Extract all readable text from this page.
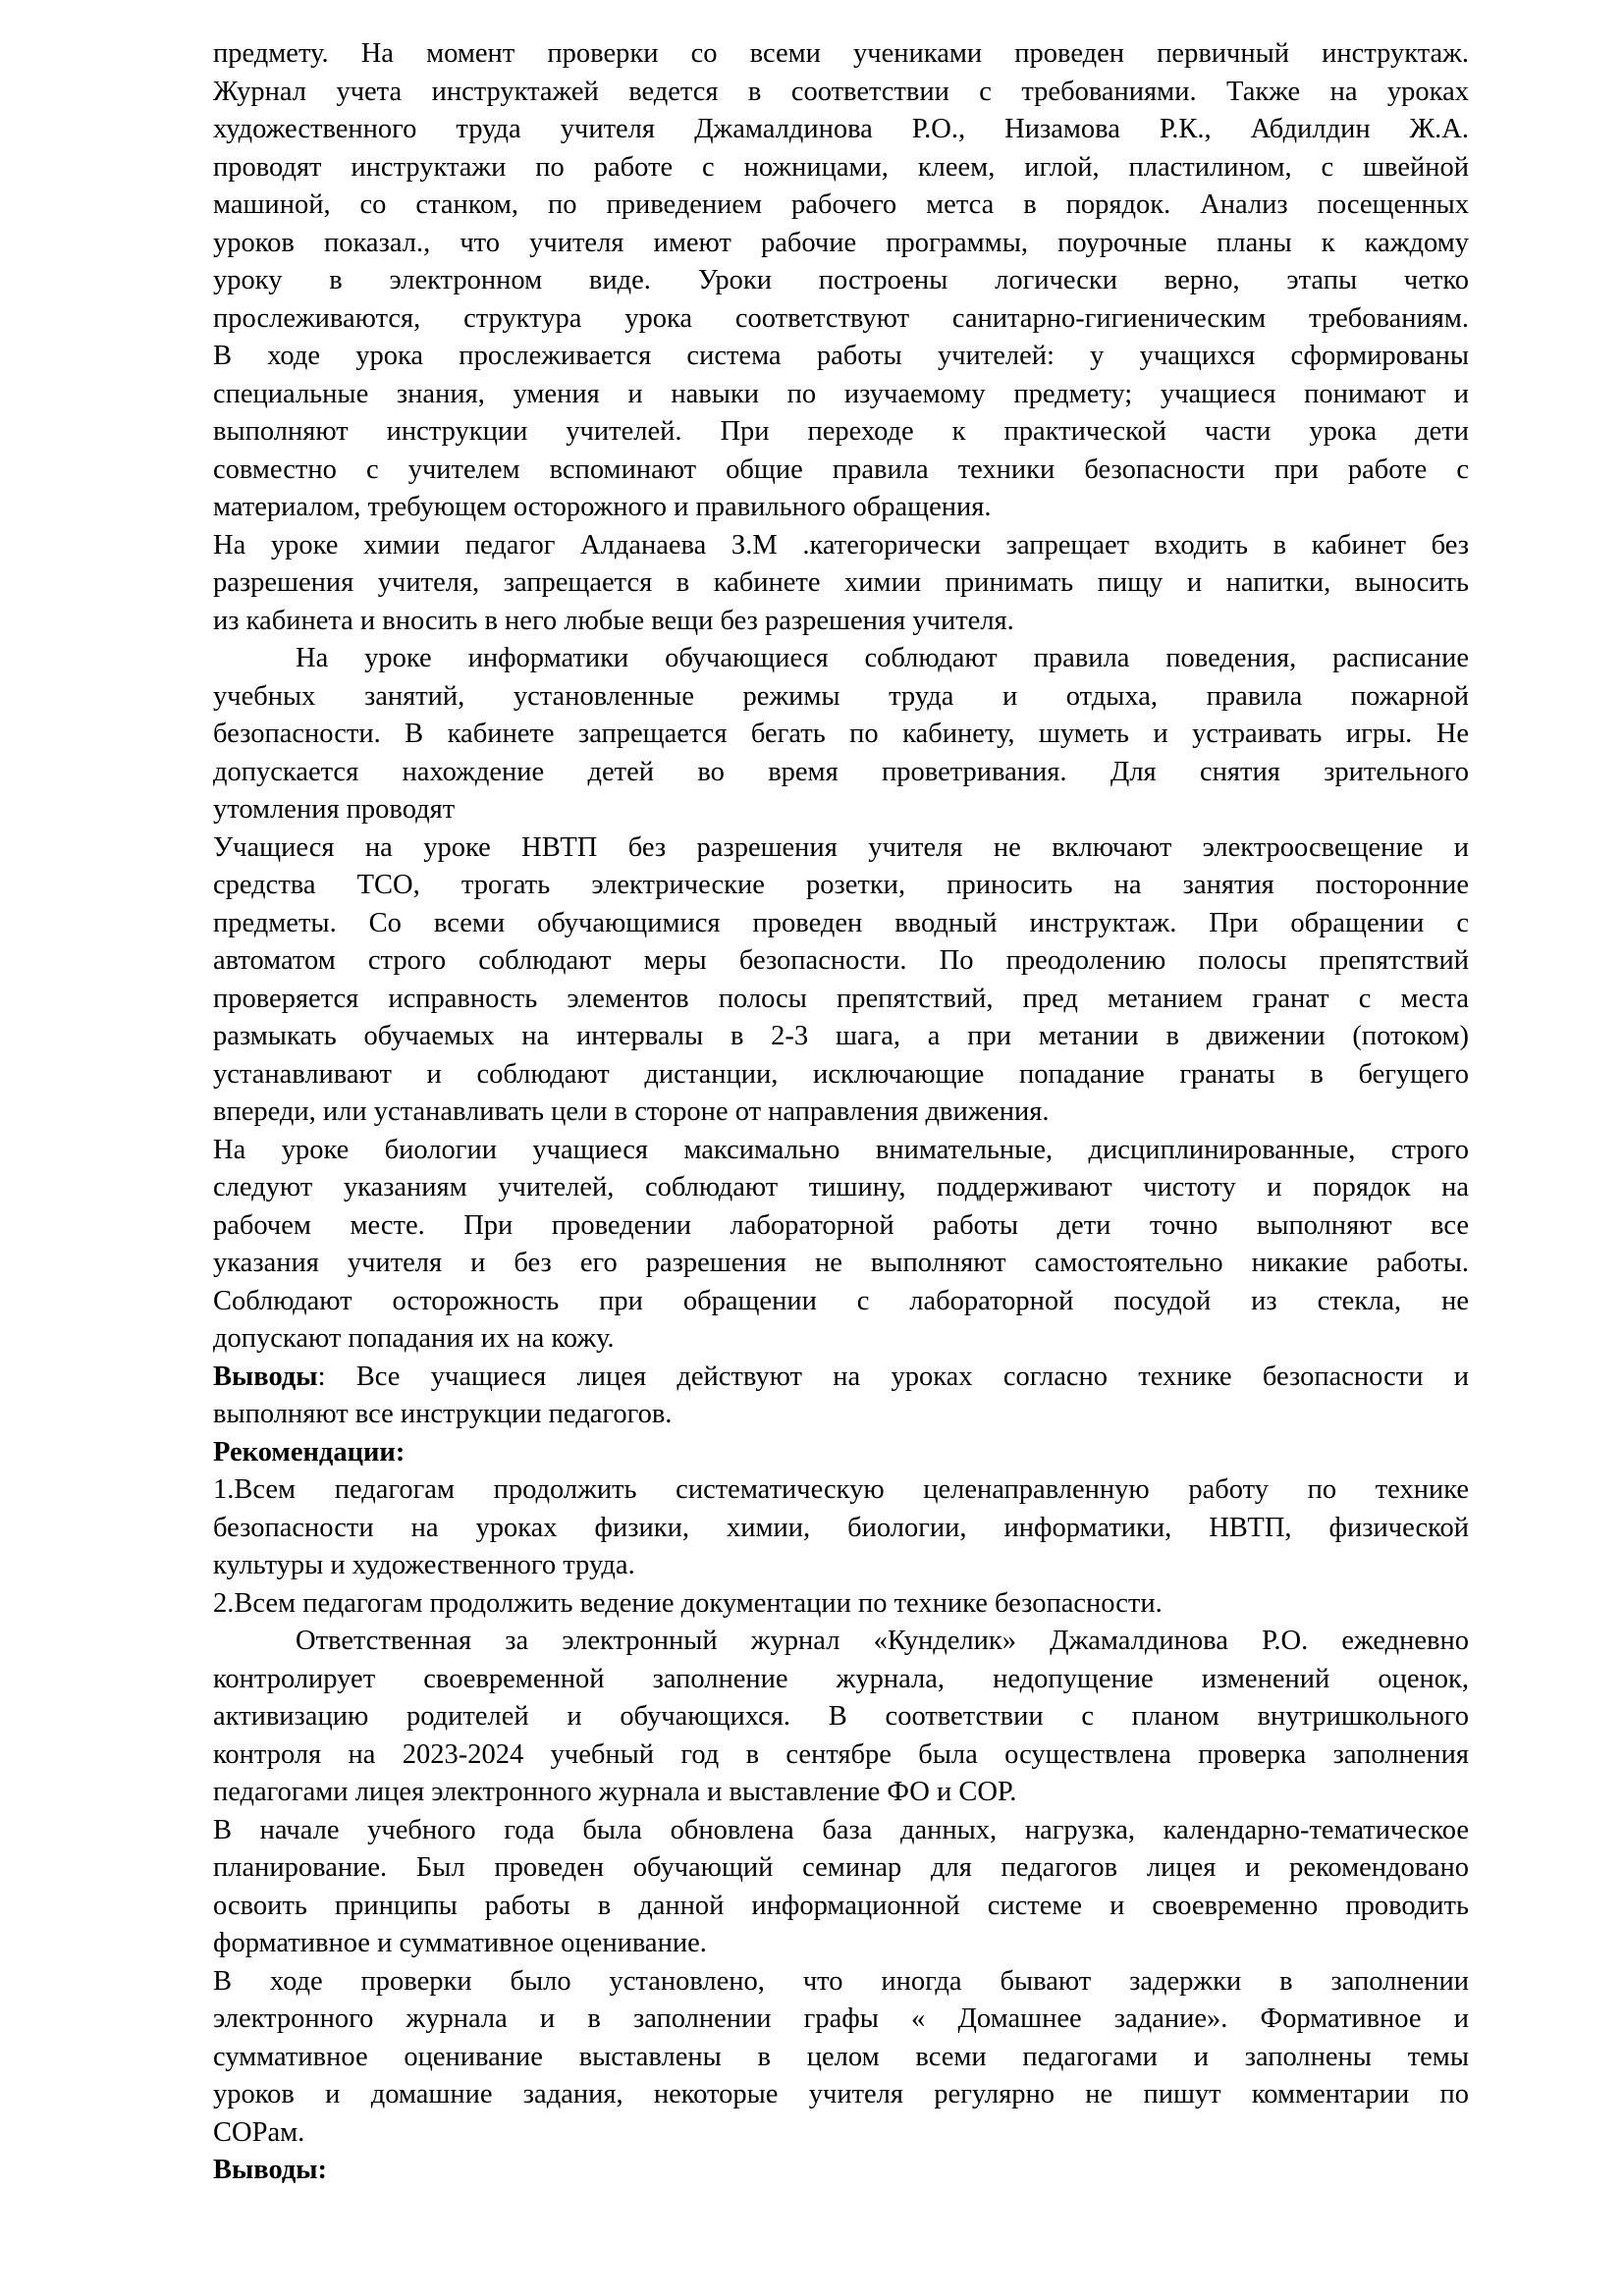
предмету. На момент проверки со всеми учениками проведен первичный инструктаж.
Журнал учета инструктажей ведется в соответствии с требованиями. Также на уроках
художественного труда учителя Джамалдинова Р.О., Низамова Р.К., Абдилдин Ж.А.
проводят инструктажи по работе с ножницами, клеем, иглой, пластилином, с швейной
машиной, со станком, по приведением рабочего метса в порядок. Анализ посещенных
уроков показал., что учителя имеют рабочие программы, поурочные планы к каждому
уроку в электронном виде. Уроки построены логически верно, этапы четко
прослеживаются, структура урока соответствуют санитарно-гигиеническим требованиям.
В ходе урока прослеживается система работы учителей: у учащихся сформированы
специальные знания, умения и навыки по изучаемому предмету; учащиеся понимают и
выполняют инструкции учителей. При переходе к практической части урока дети
совместно с учителем вспоминают общие правила техники безопасности при работе с
материалом, требующем осторожного и правильного обращения.
На уроке химии педагог Алданаева З.М .категорически запрещает входить в кабинет без
разрешения учителя, запрещается в кабинете химии принимать пищу и напитки, выносить
из кабинета и вносить в него любые вещи без разрешения учителя.
На уроке информатики обучающиеся соблюдают правила поведения, расписание
учебных занятий, установленные режимы труда и отдыха, правила пожарной
безопасности. В кабинете запрещается бегать по кабинету, шуметь и устраивать игры. Не
допускается нахождение детей во время проветривания. Для снятия зрительного
утомления проводят
Учащиеся на уроке НВТП без разрешения учителя не включают электроосвещение и
средства ТСО, трогать электрические розетки, приносить на занятия посторонние
предметы. Со всеми обучающимися проведен вводный инструктаж. При обращении с
автоматом строго соблюдают меры безопасности. По преодолению полосы препятствий
проверяется исправность элементов полосы препятствий, пред метанием гранат с места
размыкать обучаемых на интервалы в 2-3 шага, а при метании в движении (потоком)
устанавливают и соблюдают дистанции, исключающие попадание гранаты в бегущего
впереди, или устанавливать цели в стороне от направления движения.
На уроке биологии учащиеся максимально внимательные, дисциплинированные, строго
следуют указаниям учителей, соблюдают тишину, поддерживают чистоту и порядок на
рабочем месте. При проведении лабораторной работы дети точно выполняют все
указания учителя и без его разрешения не выполняют самостоятельно никакие работы.
Соблюдают осторожность при обращении с лабораторной посудой из стекла, не
допускают попадания их на кожу.
Выводы: Все учащиеся лицея действуют на уроках согласно технике безопасности и
выполняют все инструкции педагогов.
Рекомендации:
1.Всем педагогам продолжить систематическую целенаправленную работу по технике
безопасности на уроках физики, химии, биологии, информатики, НВТП, физической
культуры и художественного труда.
2.Всем педагогам продолжить ведение документации по технике безопасности.
Ответственная за электронный журнал «Кунделик» Джамалдинова Р.О. ежедневно
контролирует своевременной заполнение журнала, недопущение изменений оценок,
активизацию родителей и обучающихся. В соответствии с планом внутришкольного
контроля на 2023-2024 учебный год в сентябре была осуществлена проверка заполнения
педагогами лицея электронного журнала и выставление ФО и СОР.
В начале учебного года была обновлена база данных, нагрузка, календарно-тематическое
планирование. Был проведен обучающий семинар для педагогов лицея и рекомендовано
освоить принципы работы в данной информационной системе и своевременно проводить
формативное и суммативное оценивание.
В ходе проверки было установлено, что иногда бывают задержки в заполнении
электронного журнала и в заполнении графы « Домашнее задание». Формативное и
суммативное оценивание выставлены в целом всеми педагогами и заполнены темы
уроков и домашние задания, некоторые учителя регулярно не пишут комментарии по
СОРам.
Выводы:
